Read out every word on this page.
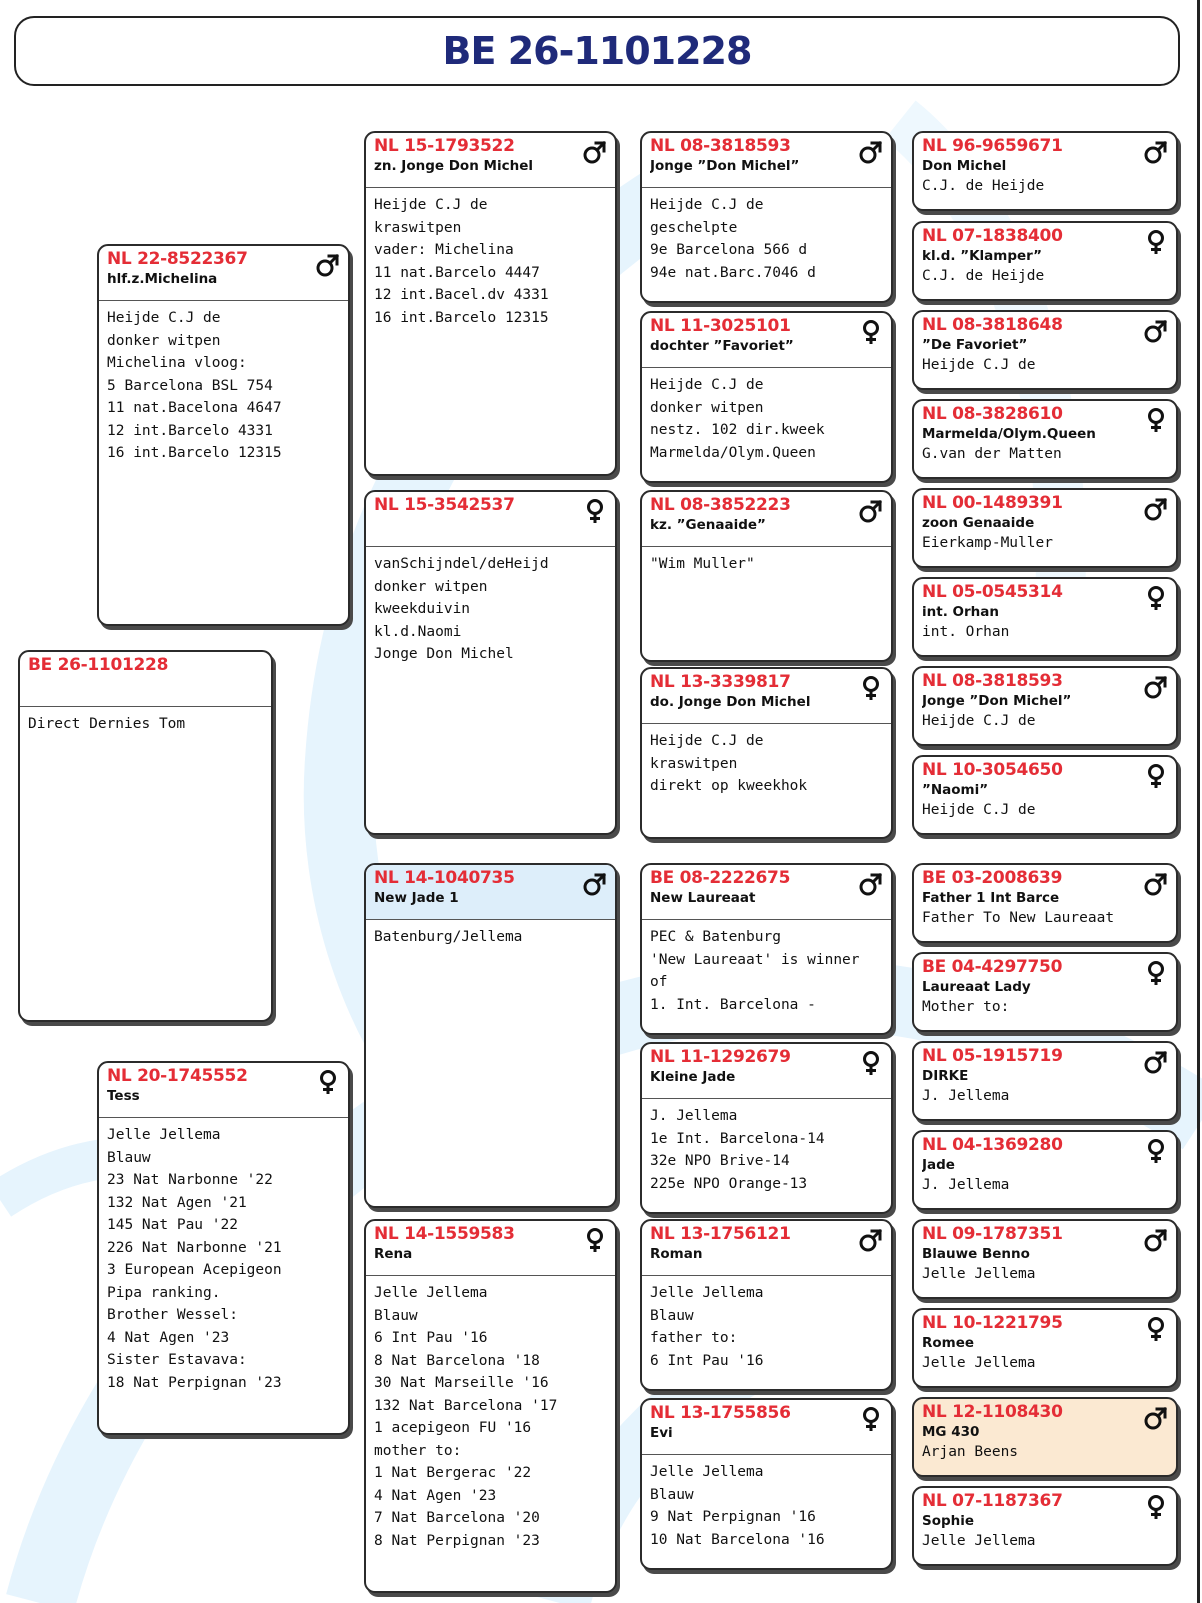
BE 26-1101228
BE 26-1101228
Direct Dernies Tom
NL 22-8522367
hlf.z.Michelina
Heijde C.J de
donker witpen
Michelina vloog:
5 Barcelona BSL 754
11 nat.Bacelona 4647
12 int.Barcelo 4331
16 int.Barcelo 12315
NL 20-1745552
Tess
Jelle Jellema
Blauw
23 Nat Narbonne '22
132 Nat Agen '21
145 Nat Pau '22
226 Nat Narbonne '21
3 European Acepigeon
Pipa ranking.
Brother Wessel:
4 Nat Agen '23
Sister Estavava:
18 Nat Perpignan '23
NL 15-1793522
zn. Jonge Don Michel
Heijde C.J de
kraswitpen
vader: Michelina
11 nat.Barcelo 4447
12 int.Bacel.dv 4331
16 int.Barcelo 12315
NL 15-3542537
vanSchijndel/deHeijd
donker witpen
kweekduivin
kl.d.Naomi
Jonge Don Michel
NL 14-1040735
New Jade 1
Batenburg/Jellema
NL 14-1559583
Rena
Jelle Jellema
Blauw
6 Int Pau '16
8 Nat Barcelona '18
30 Nat Marseille '16
132 Nat Barcelona '17
1 acepigeon FU '16
mother to:
1 Nat Bergerac '22
4 Nat Agen '23
7 Nat Barcelona '20
8 Nat Perpignan '23
NL 08-3818593
Jonge ”Don Michel”
Heijde C.J de
geschelpte
9e Barcelona 566 d
94e nat.Barc.7046 d
NL 11-3025101
dochter ”Favoriet”
Heijde C.J de
donker witpen
nestz. 102 dir.kweek
Marmelda/Olym.Queen
NL 08-3852223
kz. ”Genaaide”
"Wim Muller"
NL 13-3339817
do. Jonge Don Michel
Heijde C.J de
kraswitpen
direkt op kweekhok
BE 08-2222675
New Laureaat
PEC & Batenburg
'New Laureaat' is winner
of
1. Int. Barcelona -
NL 11-1292679
Kleine Jade
J. Jellema
1e Int. Barcelona-14
32e NPO Brive-14
225e NPO Orange-13
NL 13-1756121
Roman
Jelle Jellema
Blauw
father to:
6 Int Pau '16
NL 13-1755856
Evi
Jelle Jellema
Blauw
9 Nat Perpignan '16
10 Nat Barcelona '16
NL 96-9659671
Don Michel
C.J. de Heijde
NL 07-1838400
kl.d. ”Klamper”
C.J. de Heijde
NL 08-3818648
”De Favoriet”
Heijde C.J de
NL 08-3828610
Marmelda/Olym.Queen
G.van der Matten
NL 00-1489391
zoon Genaaide
Eierkamp-Muller
NL 05-0545314
int. Orhan
int. Orhan
NL 08-3818593
Jonge ”Don Michel”
Heijde C.J de
NL 10-3054650
”Naomi”
Heijde C.J de
BE 03-2008639
Father 1 Int Barce
Father To New Laureaat
BE 04-4297750
Laureaat Lady
Mother to:
NL 05-1915719
DIRKE
J. Jellema
NL 04-1369280
Jade
J. Jellema
NL 09-1787351
Blauwe Benno
Jelle Jellema
NL 10-1221795
Romee
Jelle Jellema
NL 12-1108430
MG 430
Arjan Beens
NL 07-1187367
Sophie
Jelle Jellema
